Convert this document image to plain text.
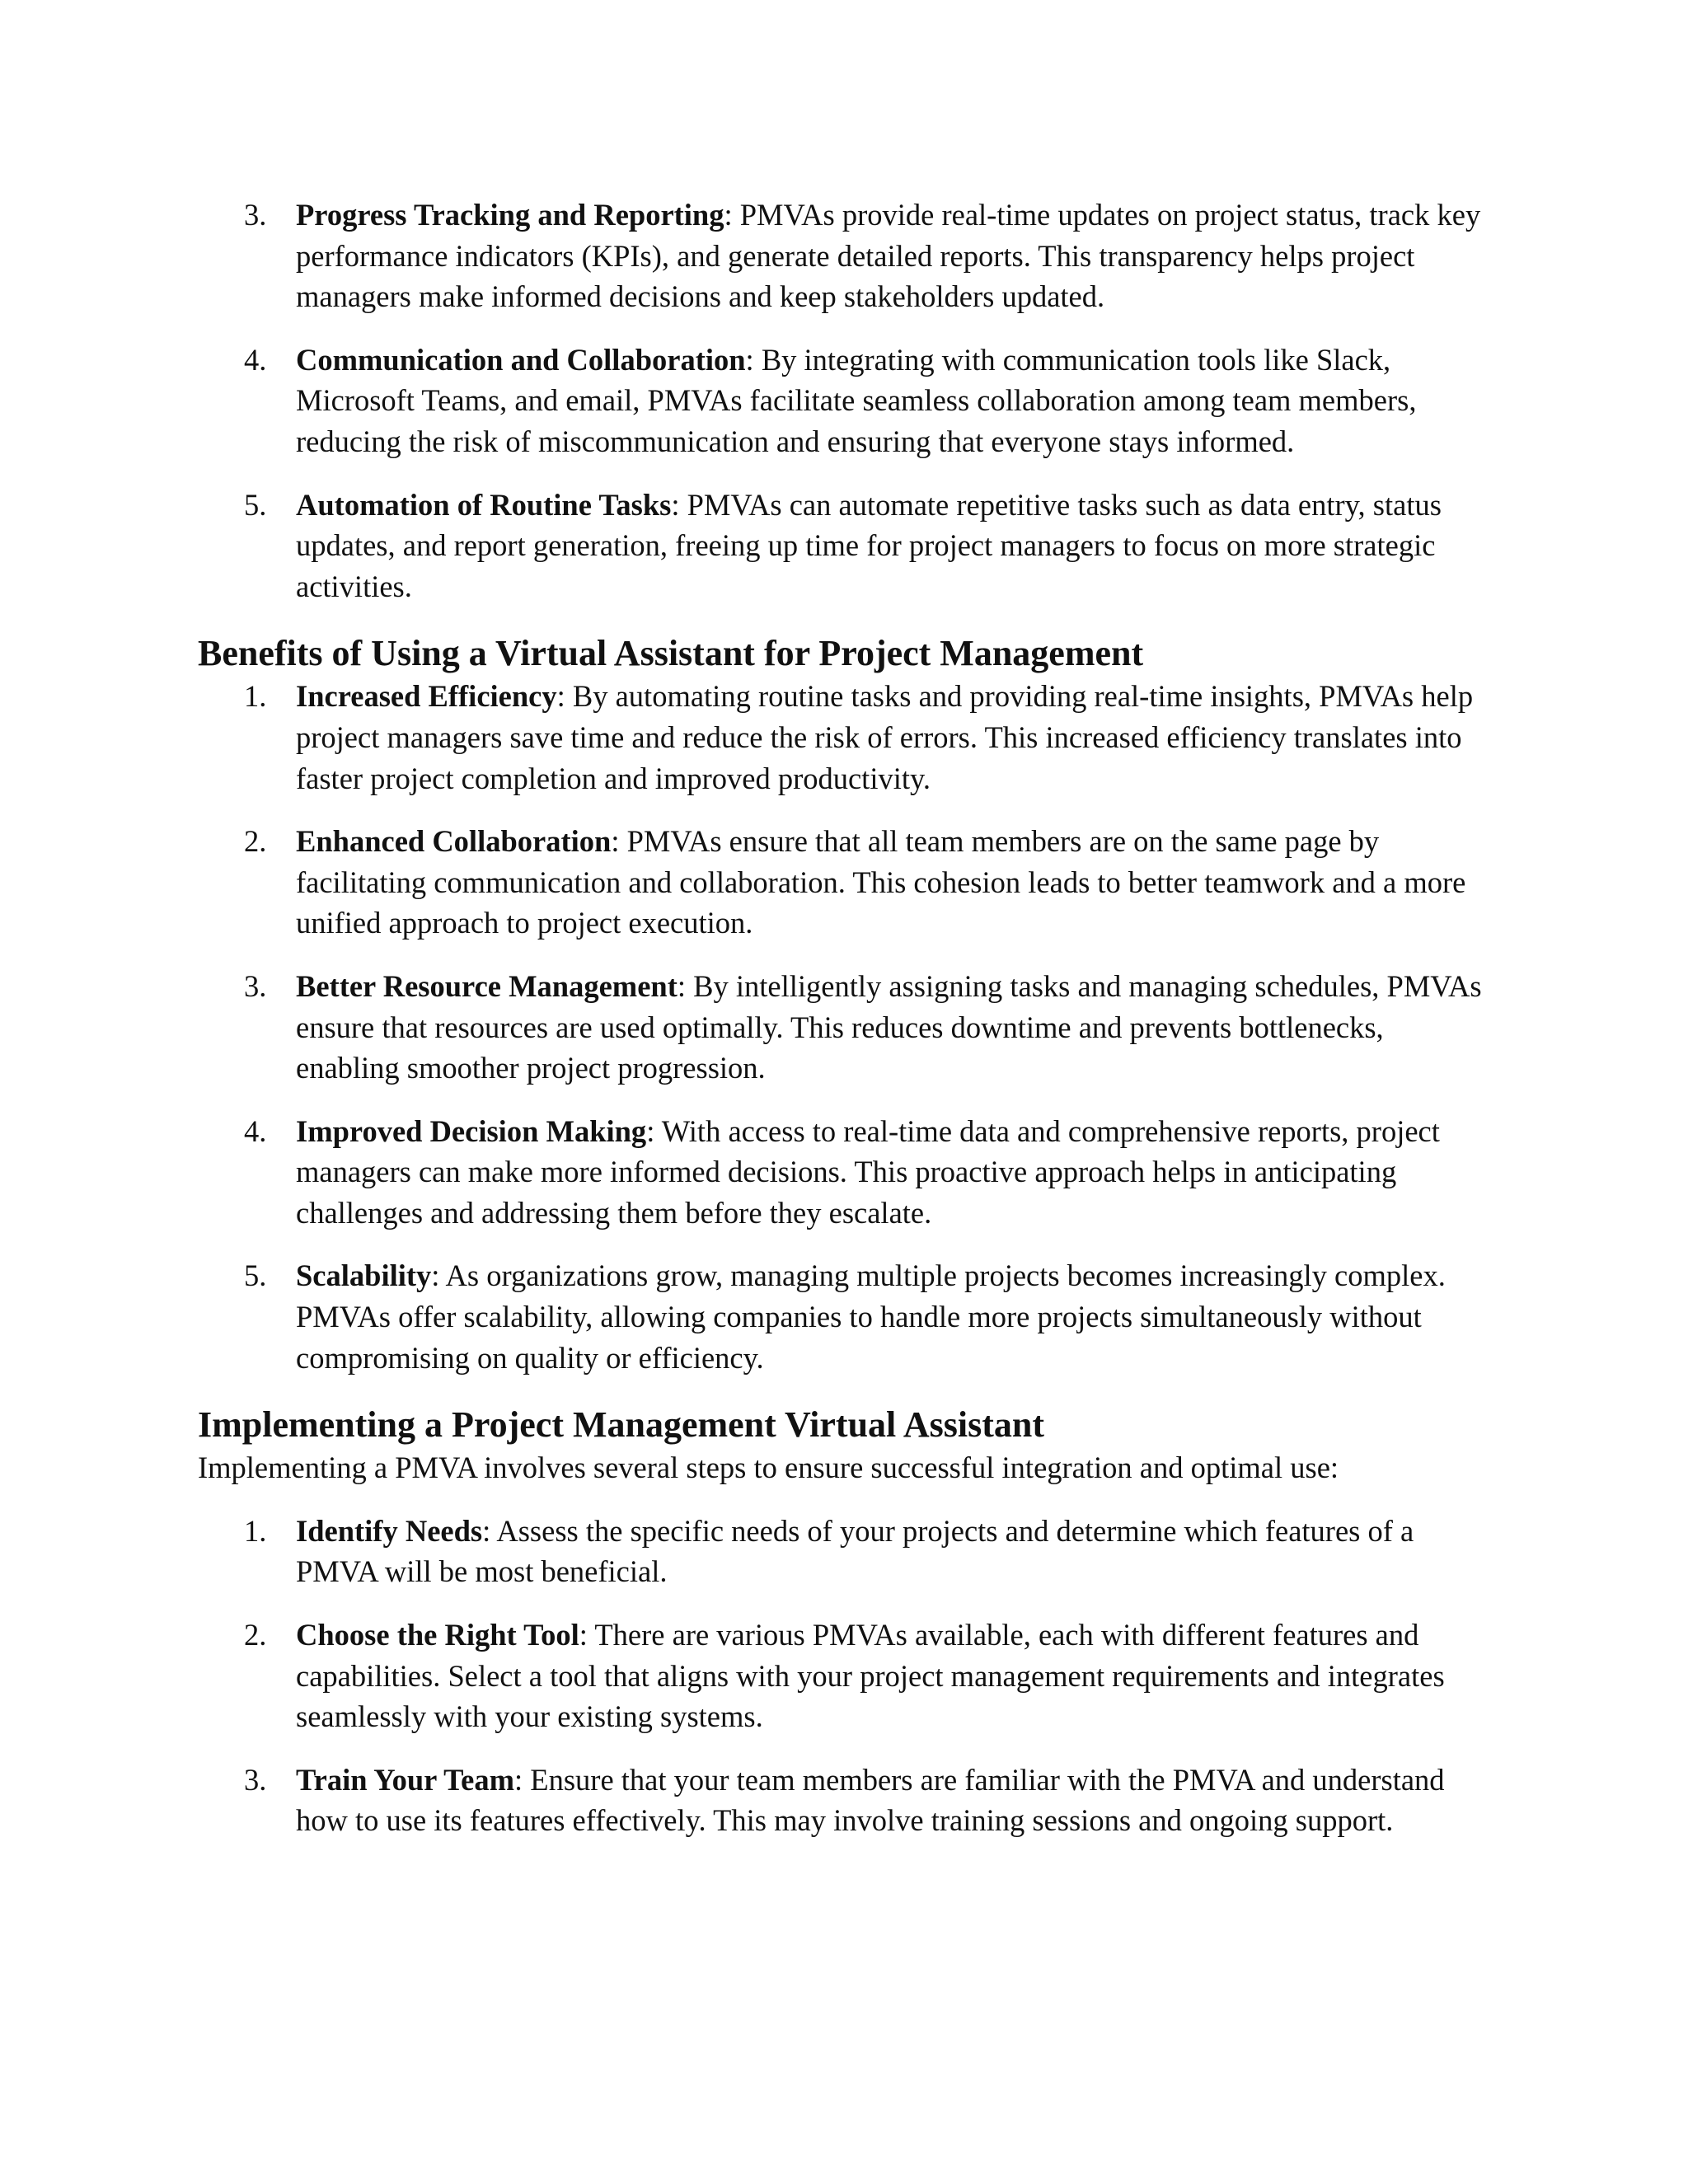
3. Progress Tracking and Reporting: PMVAs provide real-time updates on project status, track key performance indicators (KPIs), and generate detailed reports. This transparency helps project managers make informed decisions and keep stakeholders updated.
4. Communication and Collaboration: By integrating with communication tools like Slack, Microsoft Teams, and email, PMVAs facilitate seamless collaboration among team members, reducing the risk of miscommunication and ensuring that everyone stays informed.
5. Automation of Routine Tasks: PMVAs can automate repetitive tasks such as data entry, status updates, and report generation, freeing up time for project managers to focus on more strategic activities.
Benefits of Using a Virtual Assistant for Project Management
1. Increased Efficiency: By automating routine tasks and providing real-time insights, PMVAs help project managers save time and reduce the risk of errors. This increased efficiency translates into faster project completion and improved productivity.
2. Enhanced Collaboration: PMVAs ensure that all team members are on the same page by facilitating communication and collaboration. This cohesion leads to better teamwork and a more unified approach to project execution.
3. Better Resource Management: By intelligently assigning tasks and managing schedules, PMVAs ensure that resources are used optimally. This reduces downtime and prevents bottlenecks, enabling smoother project progression.
4. Improved Decision Making: With access to real-time data and comprehensive reports, project managers can make more informed decisions. This proactive approach helps in anticipating challenges and addressing them before they escalate.
5. Scalability: As organizations grow, managing multiple projects becomes increasingly complex. PMVAs offer scalability, allowing companies to handle more projects simultaneously without compromising on quality or efficiency.
Implementing a Project Management Virtual Assistant

Implementing a PMVA involves several steps to ensure successful integration and optimal use:

1. Identify Needs: Assess the specific needs of your projects and determine which features of a PMVA will be most beneficial.
2. Choose the Right Tool: There are various PMVAs available, each with different features and capabilities. Select a tool that aligns with your project management requirements and integrates seamlessly with your existing systems.
3. Train Your Team: Ensure that your team members are familiar with the PMVA and understand how to use its features effectively. This may involve training sessions and ongoing support.
